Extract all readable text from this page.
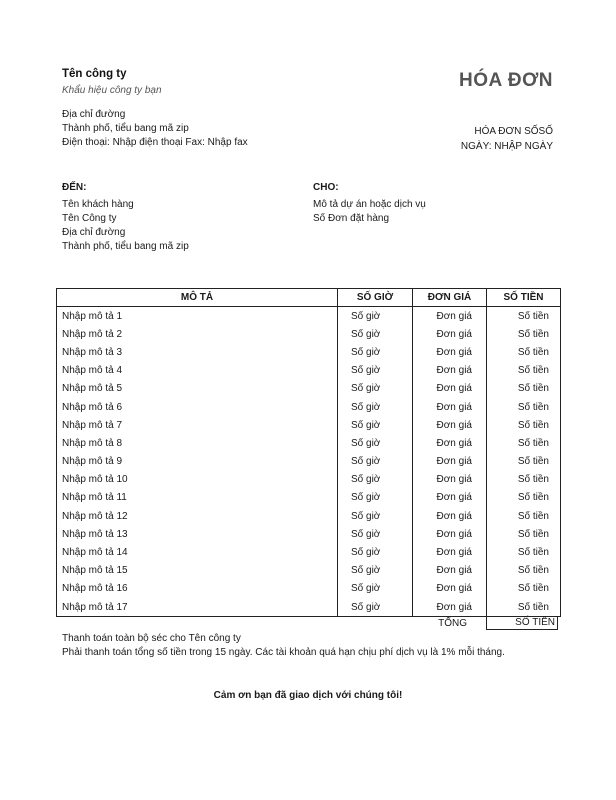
Tên công ty
Khẩu hiệu công ty bạn
Địa chỉ đường
Thành phố, tiểu bang mã zip
Điện thoại: Nhập điện thoại Fax: Nhập fax
HÓA ĐƠN
HÓA ĐƠN SỐSỐ
NGÀY: NHẬP NGÀY
ĐẾN:
Tên khách hàng
Tên Công ty
Địa chỉ đường
Thành phố, tiểu bang mã zip
CHO:
Mô tả dự án hoặc dịch vụ
Số Đơn đặt hàng
MÔ TẢ	SỐ GIỜ	ĐƠN GIÁ	SỐ TIỀN
Nhập mô tả 1	Số giờ	Đơn giá	Số tiền
Nhập mô tả 2	Số giờ	Đơn giá	Số tiền
Nhập mô tả 3	Số giờ	Đơn giá	Số tiền
Nhập mô tả 4	Số giờ	Đơn giá	Số tiền
Nhập mô tả 5	Số giờ	Đơn giá	Số tiền
Nhập mô tả 6	Số giờ	Đơn giá	Số tiền
Nhập mô tả 7	Số giờ	Đơn giá	Số tiền
Nhập mô tả 8	Số giờ	Đơn giá	Số tiền
Nhập mô tả 9	Số giờ	Đơn giá	Số tiền
Nhập mô tả 10	Số giờ	Đơn giá	Số tiền
Nhập mô tả 11	Số giờ	Đơn giá	Số tiền
Nhập mô tả 12	Số giờ	Đơn giá	Số tiền
Nhập mô tả 13	Số giờ	Đơn giá	Số tiền
Nhập mô tả 14	Số giờ	Đơn giá	Số tiền
Nhập mô tả 15	Số giờ	Đơn giá	Số tiền
Nhập mô tả 16	Số giờ	Đơn giá	Số tiền
Nhập mô tả 17	Số giờ	Đơn giá	Số tiền
TỔNG	SỐ TIỀN
Thanh toán toàn bộ séc cho Tên công ty
Phải thanh toán tổng số tiền trong 15 ngày. Các tài khoản quá hạn chịu phí dịch vụ là 1% mỗi tháng.
Cảm ơn bạn đã giao dịch với chúng tôi!
